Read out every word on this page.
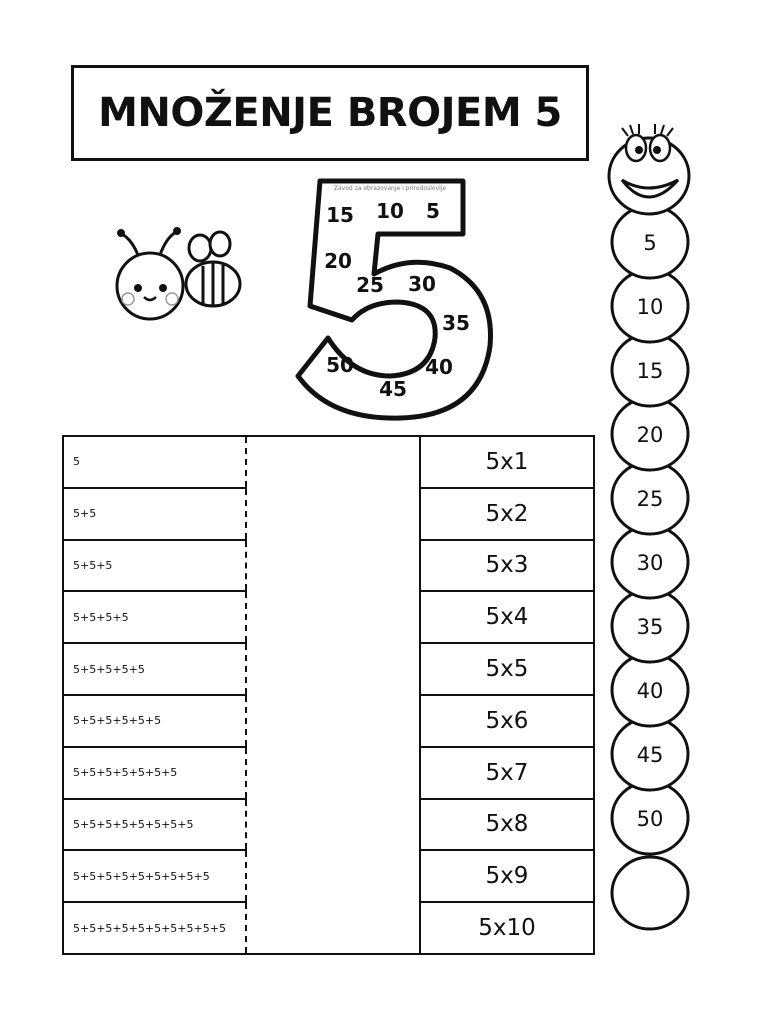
MNOŽENJE BROJEM 5
Zavod za obrazovanje i prirodoslovlje
15 10 5
20
25 30
35
40
45
50
5
10
15
20
25
30
35
40
45
50
5		5x1
5+5		5x2
5+5+5		5x3
5+5+5+5		5x4
5+5+5+5+5		5x5
5+5+5+5+5+5		5x6
5+5+5+5+5+5+5		5x7
5+5+5+5+5+5+5+5		5x8
5+5+5+5+5+5+5+5+5		5x9
5+5+5+5+5+5+5+5+5+5		5x10
